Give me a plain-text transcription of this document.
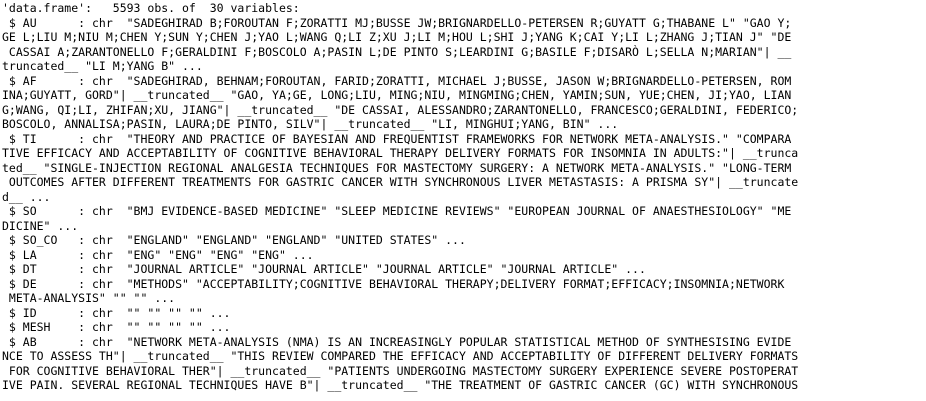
'data.frame':   5593 obs. of  30 variables:
$ AU      : chr  "SADEGHIRAD B;FOROUTAN F;ZORATTI MJ;BUSSE JW;BRIGNARDELLO-PETERSEN R;GUYATT G;THABANE L" "GAO Y;
GE L;LIU M;NIU M;CHEN Y;SUN Y;CHEN J;YAO L;WANG Q;LI Z;XU J;LI M;HOU L;SHI J;YANG K;CAI Y;LI L;ZHANG J;TIAN J" "DE
CASSAI A;ZARANTONELLO F;GERALDINI F;BOSCOLO A;PASIN L;DE PINTO S;LEARDINI G;BASILE F;DISARÒ L;SELLA N;MARIAN"| __
truncated__ "LI M;YANG B" ...
$ AF      : chr  "SADEGHIRAD, BEHNAM;FOROUTAN, FARID;ZORATTI, MICHAEL J;BUSSE, JASON W;BRIGNARDELLO-PETERSEN, ROM
INA;GUYATT, GORD"| __truncated__ "GAO, YA;GE, LONG;LIU, MING;NIU, MINGMING;CHEN, YAMIN;SUN, YUE;CHEN, JI;YAO, LIAN
G;WANG, QI;LI, ZHIFAN;XU, JIANG"| __truncated__ "DE CASSAI, ALESSANDRO;ZARANTONELLO, FRANCESCO;GERALDINI, FEDERICO;
BOSCOLO, ANNALISA;PASIN, LAURA;DE PINTO, SILV"| __truncated__ "LI, MINGHUI;YANG, BIN" ...
$ TI      : chr  "THEORY AND PRACTICE OF BAYESIAN AND FREQUENTIST FRAMEWORKS FOR NETWORK META-ANALYSIS." "COMPARA
TIVE EFFICACY AND ACCEPTABILITY OF COGNITIVE BEHAVIORAL THERAPY DELIVERY FORMATS FOR INSOMNIA IN ADULTS:"| __trunca
ted__ "SINGLE-INJECTION REGIONAL ANALGESIA TECHNIQUES FOR MASTECTOMY SURGERY: A NETWORK META-ANALYSIS." "LONG-TERM
OUTCOMES AFTER DIFFERENT TREATMENTS FOR GASTRIC CANCER WITH SYNCHRONOUS LIVER METASTASIS: A PRISMA SY"| __truncate
d__ ...
$ SO      : chr  "BMJ EVIDENCE-BASED MEDICINE" "SLEEP MEDICINE REVIEWS" "EUROPEAN JOURNAL OF ANAESTHESIOLOGY" "ME
DICINE" ...
$ SO_CO   : chr  "ENGLAND" "ENGLAND" "ENGLAND" "UNITED STATES" ...
$ LA      : chr  "ENG" "ENG" "ENG" "ENG" ...
$ DT      : chr  "JOURNAL ARTICLE" "JOURNAL ARTICLE" "JOURNAL ARTICLE" "JOURNAL ARTICLE" ...
$ DE      : chr  "METHODS" "ACCEPTABILITY;COGNITIVE BEHAVIORAL THERAPY;DELIVERY FORMAT;EFFICACY;INSOMNIA;NETWORK
META-ANALYSIS" "" "" ...
$ ID      : chr  "" "" "" "" ...
$ MESH    : chr  "" "" "" "" ...
$ AB      : chr  "NETWORK META-ANALYSIS (NMA) IS AN INCREASINGLY POPULAR STATISTICAL METHOD OF SYNTHESISING EVIDE
NCE TO ASSESS TH"| __truncated__ "THIS REVIEW COMPARED THE EFFICACY AND ACCEPTABILITY OF DIFFERENT DELIVERY FORMATS
FOR COGNITIVE BEHAVIORAL THER"| __truncated__ "PATIENTS UNDERGOING MASTECTOMY SURGERY EXPERIENCE SEVERE POSTOPERAT
IVE PAIN. SEVERAL REGIONAL TECHNIQUES HAVE B"| __truncated__ "THE TREATMENT OF GASTRIC CANCER (GC) WITH SYNCHRONOUS
